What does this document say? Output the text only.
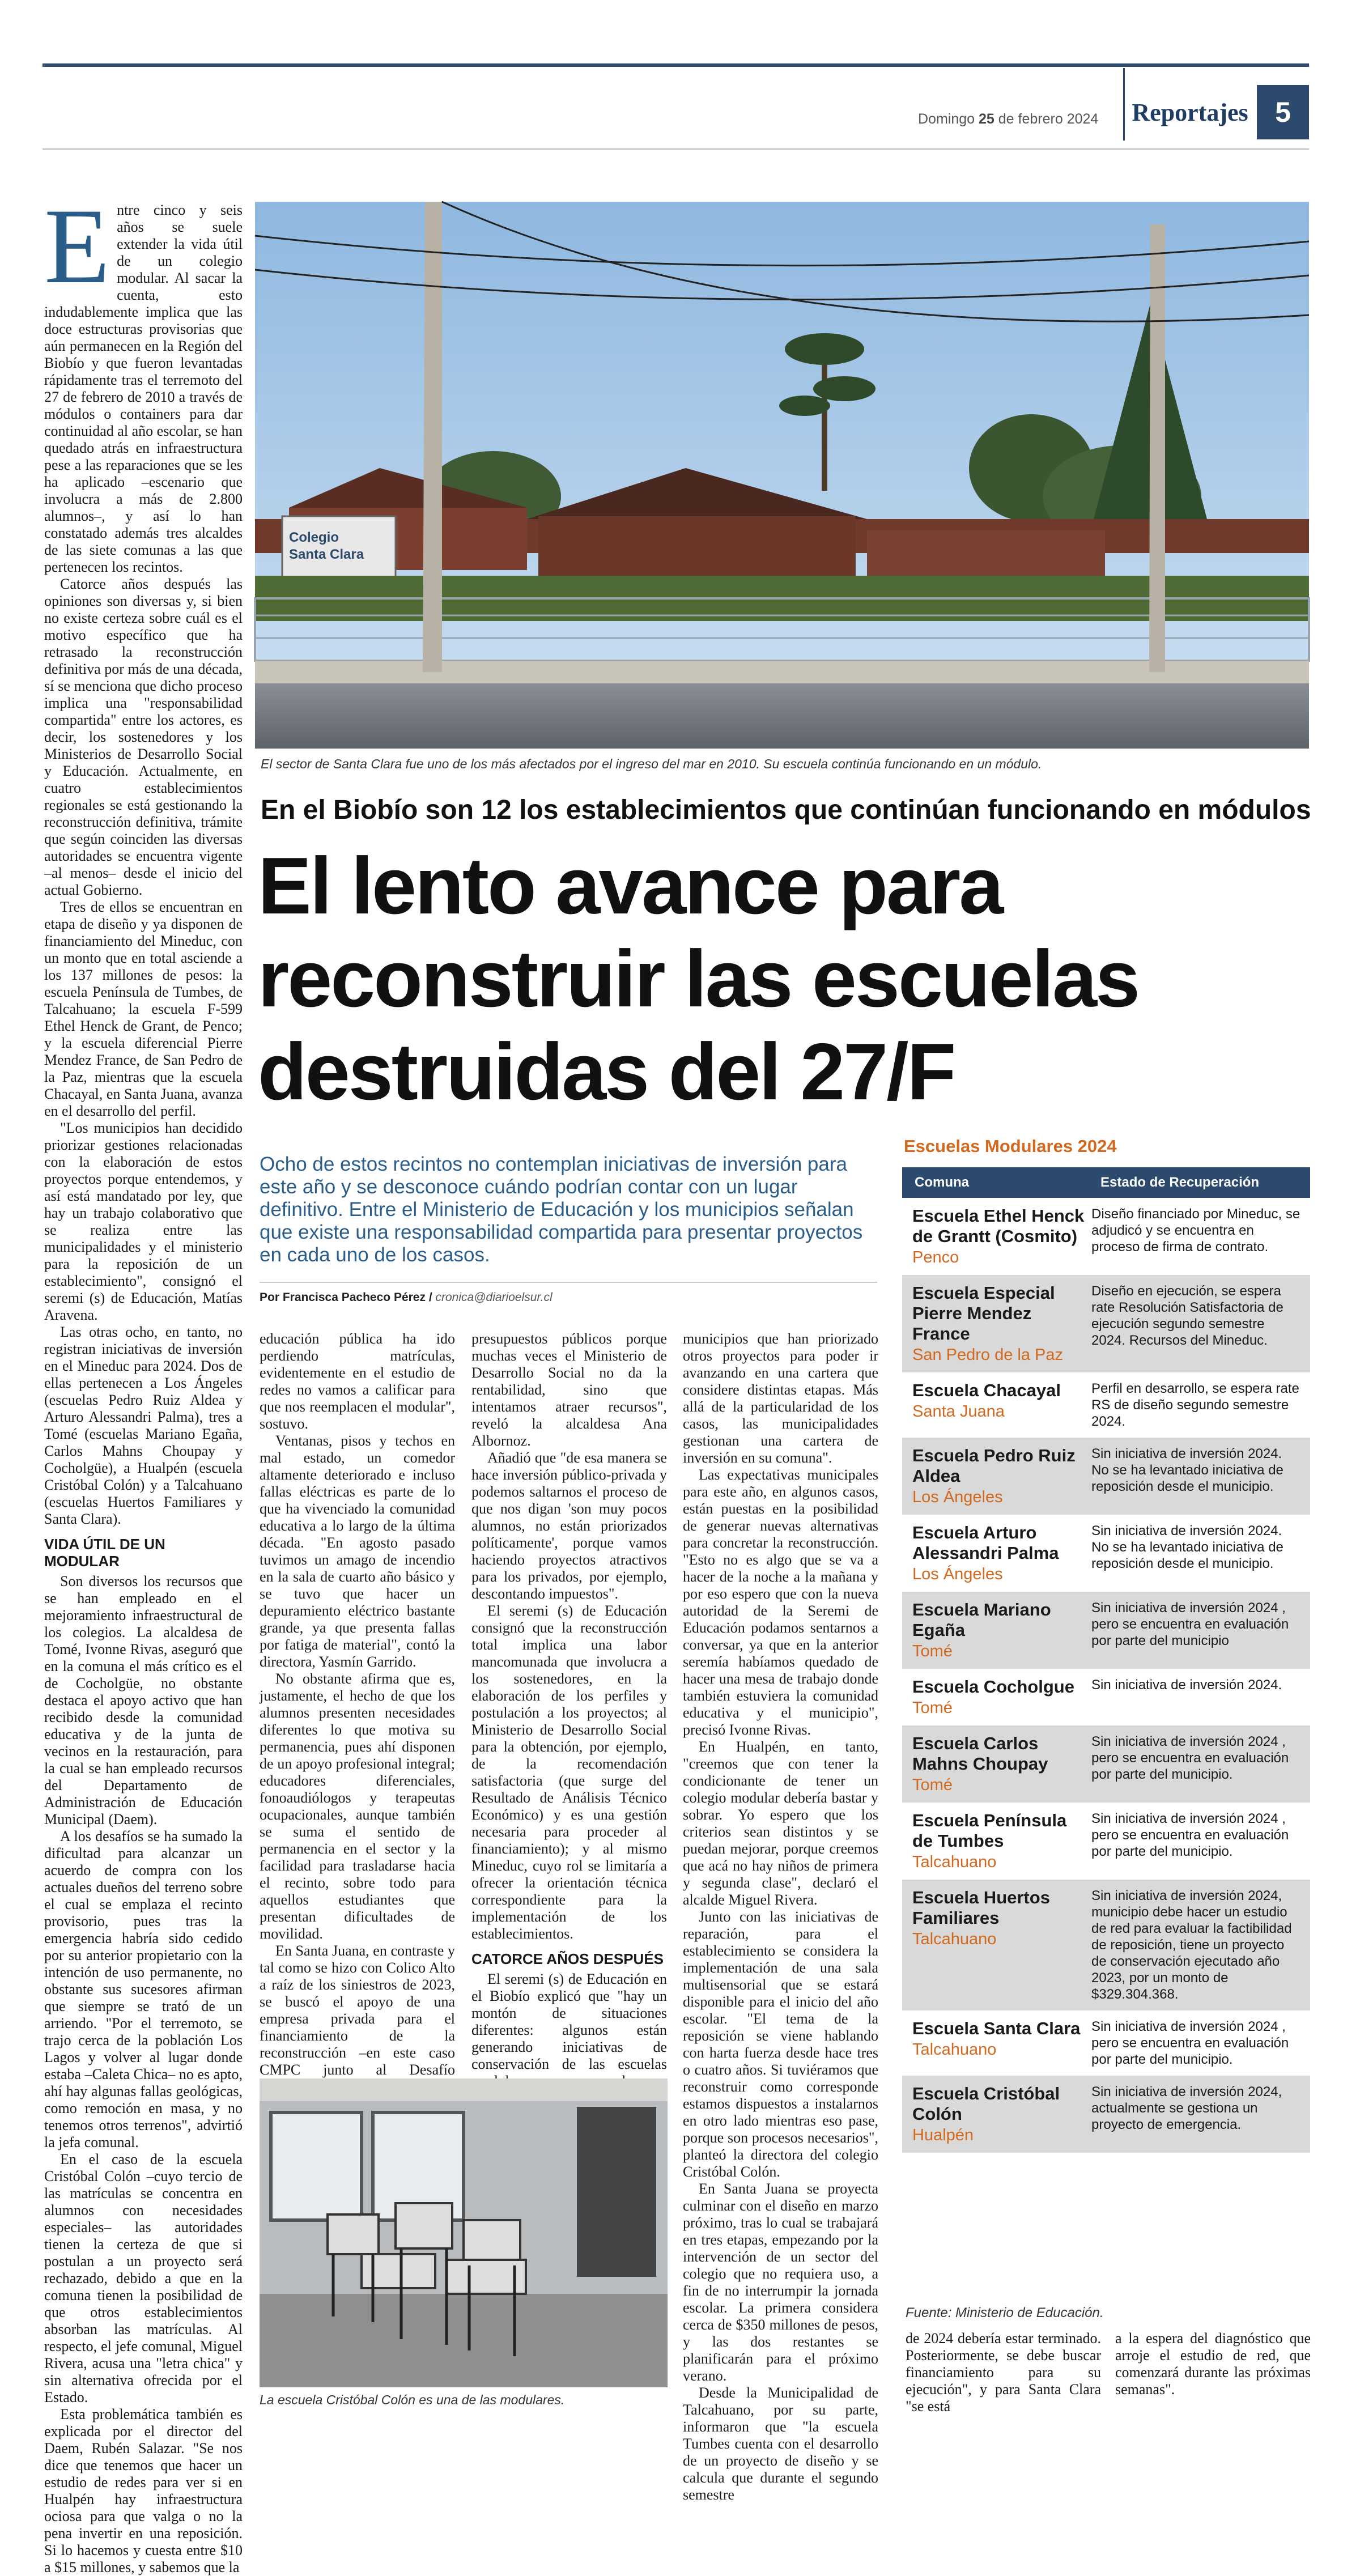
Domingo 25 de febrero 2024	Reportajes 5
Colegio
Santa Clara
El sector de Santa Clara fue uno de los más afectados por el ingreso del mar en 2010. Su escuela continúa funcionando en un módulo.
En el Biobío son 12 los establecimientos que continúan funcionando en módulos
El lento avance para
reconstruir las escuelas
destruidas del 27/F
Ocho de estos recintos no contemplan iniciativas de inversión para este año y se desconoce cuándo podrían contar con un lugar definitivo. Entre el Ministerio de Educación y los municipios señalan que existe una responsabilidad compartida para presentar proyectos en cada uno de los casos.
Por Francisca Pacheco Pérez / cronica@diarioelsur.cl
E ntre cinco y seis años se suele extender la vida útil de un colegio modular. Al sacar la cuenta, esto indudablemente implica que las doce estructuras provisorias que aún permanecen en la Región del Biobío y que fueron levantadas rápidamente tras el terremoto del 27 de febrero de 2010 a través de módulos o containers para dar continuidad al año escolar, se han quedado atrás en infraestructura pese a las reparaciones que se les ha aplicado –escenario que involucra a más de 2.800 alumnos–, y así lo han constatado además tres alcaldes de las siete comunas a las que pertenecen los recintos.

Catorce años después las opiniones son diversas y, si bien no existe certeza sobre cuál es el motivo específico que ha retrasado la reconstrucción definitiva por más de una década, sí se menciona que dicho proceso implica una "responsabilidad compartida" entre los actores, es decir, los sostenedores y los Ministerios de Desarrollo Social y Educación. Actualmente, en cuatro establecimientos regionales se está gestionando la reconstrucción definitiva, trámite que según coinciden las diversas autoridades se encuentra vigente –al menos– desde el inicio del actual Gobierno.

Tres de ellos se encuentran en etapa de diseño y ya disponen de financiamiento del Mineduc, con un monto que en total asciende a los 137 millones de pesos: la escuela Península de Tumbes, de Talcahuano; la escuela F-599 Ethel Henck de Grant, de Penco; y la escuela diferencial Pierre Mendez France, de San Pedro de la Paz, mientras que la escuela Chacayal, en Santa Juana, avanza en el desarrollo del perfil.

"Los municipios han decidido priorizar gestiones relacionadas con la elaboración de estos proyectos porque entendemos, y así está mandatado por ley, que hay un trabajo colaborativo que se realiza entre las municipalidades y el ministerio para la reposición de un establecimiento", consignó el seremi (s) de Educación, Matías Aravena.

Las otras ocho, en tanto, no registran iniciativas de inversión en el Mineduc para 2024. Dos de ellas pertenecen a Los Ángeles (escuelas Pedro Ruiz Aldea y Arturo Alessandri Palma), tres a Tomé (escuelas Mariano Egaña, Carlos Mahns Choupay y Cocholgüe), a Hualpén (escuela Cristóbal Colón) y a Talcahuano (escuelas Huertos Familiares y Santa Clara).

VIDA ÚTIL DE UN MODULAR

Son diversos los recursos que se han empleado en el mejoramiento infraestructural de los colegios. La alcaldesa de Tomé, Ivonne Rivas, aseguró que en la comuna el más crítico es el de Cocholgüe, no obstante destaca el apoyo activo que han recibido desde la comunidad educativa y de la junta de vecinos en la restauración, para la cual se han empleado recursos del Departamento de Administración de Educación Municipal (Daem).

A los desafíos se ha sumado la dificultad para alcanzar un acuerdo de compra con los actuales dueños del terreno sobre el cual se emplaza el recinto provisorio, pues tras la emergencia habría sido cedido por su anterior propietario con la intención de uso permanente, no obstante sus sucesores afirman que siempre se trató de un arriendo. "Por el terremoto, se trajo cerca de la población Los Lagos y volver al lugar donde estaba –Caleta Chica– no es apto, ahí hay algunas fallas geológicas, como remoción en masa, y no tenemos otros terrenos", advirtió la jefa comunal.

En el caso de la escuela Cristóbal Colón –cuyo tercio de las matrículas se concentra en alumnos con necesidades especiales– las autoridades tienen la certeza de que si postulan a un proyecto será rechazado, debido a que en la comuna tienen la posibilidad de que otros establecimientos absorban las matrículas. Al respecto, el jefe comunal, Miguel Rivera, acusa una "letra chica" y sin alternativa ofrecida por el Estado.

Esta problemática también es explicada por el director del Daem, Rubén Salazar. "Se nos dice que tenemos que hacer un estudio de redes para ver si en Hualpén hay infraestructura ociosa para que valga o no la pena invertir en una reposición. Si lo hacemos y cuesta entre $10 a $15 millones, y sabemos que la

educación pública ha ido perdiendo matrículas, evidentemente en el estudio de redes no vamos a calificar para que nos reemplacen el modular", sostuvo.

Ventanas, pisos y techos en mal estado, un comedor altamente deteriorado e incluso fallas eléctricas es parte de lo que ha vivenciado la comunidad educativa a lo largo de la última década. "En agosto pasado tuvimos un amago de incendio en la sala de cuarto año básico y se tuvo que hacer un depuramiento eléctrico bastante grande, ya que presenta fallas por fatiga de material", contó la directora, Yasmín Garrido.

No obstante afirma que es, justamente, el hecho de que los alumnos presenten necesidades diferentes lo que motiva su permanencia, pues ahí disponen de un apoyo profesional integral; educadores diferenciales, fonoaudiólogos y terapeutas ocupacionales, aunque también se suma el sentido de permanencia en el sector y la facilidad para trasladarse hacia el recinto, sobre todo para aquellos estudiantes que presentan dificultades de movilidad.

En Santa Juana, en contraste y tal como se hizo con Colico Alto a raíz de los siniestros de 2023, se buscó el apoyo de una empresa privada para el financiamiento de la reconstrucción –en este caso CMPC junto al Desafío

presupuestos públicos porque muchas veces el Ministerio de Desarrollo Social no da la rentabilidad, sino que intentamos atraer recursos", reveló la alcaldesa Ana Albornoz.

Añadió que "de esa manera se hace inversión público-privada y podemos saltarnos el proceso de que nos digan 'son muy pocos alumnos, no están priorizados políticamente', porque vamos haciendo proyectos atractivos para los privados, por ejemplo, descontando impuestos".

El seremi (s) de Educación consignó que la reconstrucción total implica una labor mancomunada que involucra a los sostenedores, en la elaboración de los perfiles y postulación a los proyectos; al Ministerio de Desarrollo Social para la obtención, por ejemplo, de la recomendación satisfactoria (que surge del Resultado de Análisis Técnico Económico) y es una gestión necesaria para proceder al financiamiento); y al mismo Mineduc, cuyo rol se limitaría a ofrecer la orientación técnica correspondiente para la implementación de los establecimientos.

CATORCE AÑOS DESPUÉS

El seremi (s) de Educación en el Biobío explicó que "hay un montón de situaciones diferentes: algunos están generando iniciativas de conservación de las escuelas

municipios que han priorizado otros proyectos para poder ir avanzando en una cartera que considere distintas etapas. Más allá de la particularidad de los casos, las municipalidades gestionan una cartera de inversión en su comuna".

Las expectativas municipales para este año, en algunos casos, están puestas en la posibilidad de generar nuevas alternativas para concretar la reconstrucción. "Esto no es algo que se va a hacer de la noche a la mañana y por eso espero que con la nueva autoridad de la Seremi de Educación podamos sentarnos a conversar, ya que en la anterior seremía habíamos quedado de hacer una mesa de trabajo donde también estuviera la comunidad educativa y el municipio", precisó Ivonne Rivas.

En Hualpén, en tanto, "creemos que con tener la condicionante de tener un colegio modular debería bastar y sobrar. Yo espero que los criterios sean distintos y se puedan mejorar, porque creemos que acá no hay niños de primera y segunda clase", declaró el alcalde Miguel Rivera.

Junto con las iniciativas de reparación, para el establecimiento se considera la implementación de una sala multisensorial que se estará disponible para el inicio del año escolar. "El tema de la reposición se viene hablando con harta fuerza desde hace tres o cuatro años. Si tuviéramos que reconstruir como corresponde estamos dispuestos a instalarnos en otro lado mientras eso pase, porque son procesos necesarios", planteó la directora del colegio Cristóbal Colón.

En Santa Juana se proyecta culminar con el diseño en marzo próximo, tras lo cual se trabajará en tres etapas, empezando por la intervención de un sector del colegio que no requiera uso, a fin de no interrumpir la jornada escolar. La primera considera cerca de $350 millones de pesos, y las dos restantes se planificarán para el próximo verano.

Desde la Municipalidad de Talcahuano, por su parte, informaron que "la escuela Tumbes cuenta con el desarrollo de un proyecto de diseño y se calcula que durante el segundo semestre

La escuela Cristóbal Colón es una de las modulares.

de 2024 debería estar terminado. Posteriormente, se debe buscar financiamiento para su ejecución", y para Santa Clara "se está

a la espera del diagnóstico que arroje el estudio de red, que comenzará durante las próximas semanas".

Escuelas Modulares 2024
Comuna	Estado de Recuperación
Escuela Ethel Henck de Grantt (Cosmito)
Penco
Diseño financiado por Mineduc, se adjudicó y se encuentra en proceso de firma de contrato.
Escuela Especial Pierre Mendez France
San Pedro de la Paz
Diseño en ejecución, se espera rate Resolución Satisfactoria de ejecución segundo semestre 2024. Recursos del Mineduc.
Escuela Chacayal
Santa Juana
Perfil en desarrollo, se espera rate RS de diseño segundo semestre 2024.
Escuela Pedro Ruiz Aldea
Los Ángeles
Sin iniciativa de inversión 2024. No se ha levantado iniciativa de reposición desde el municipio.
Escuela Arturo Alessandri Palma
Los Ángeles
Sin iniciativa de inversión 2024. No se ha levantado iniciativa de reposición desde el municipio.
Escuela Mariano Egaña
Tomé
Sin iniciativa de inversión 2024 , pero se encuentra en evaluación por parte del municipio
Escuela Cocholgue
Tomé
Sin iniciativa de inversión 2024.
Escuela Carlos Mahns Choupay
Tomé
Sin iniciativa de inversión 2024 , pero se encuentra en evaluación por parte del municipio.
Escuela Península de Tumbes
Talcahuano
Sin iniciativa de inversión 2024 , pero se encuentra en evaluación por parte del municipio.
Escuela Huertos Familiares
Talcahuano
Sin iniciativa de inversión 2024, municipio debe hacer un estudio de red para evaluar la factibilidad de reposición, tiene un proyecto de conservación ejecutado año 2023, por un monto de $329.304.368.
Escuela Santa Clara
Talcahuano
Sin iniciativa de inversión 2024 , pero se encuentra en evaluación por parte del municipio.
Escuela Cristóbal Colón
Hualpén
Sin iniciativa de inversión 2024, actualmente se gestiona un proyecto de emergencia.
Fuente: Ministerio de Educación.
